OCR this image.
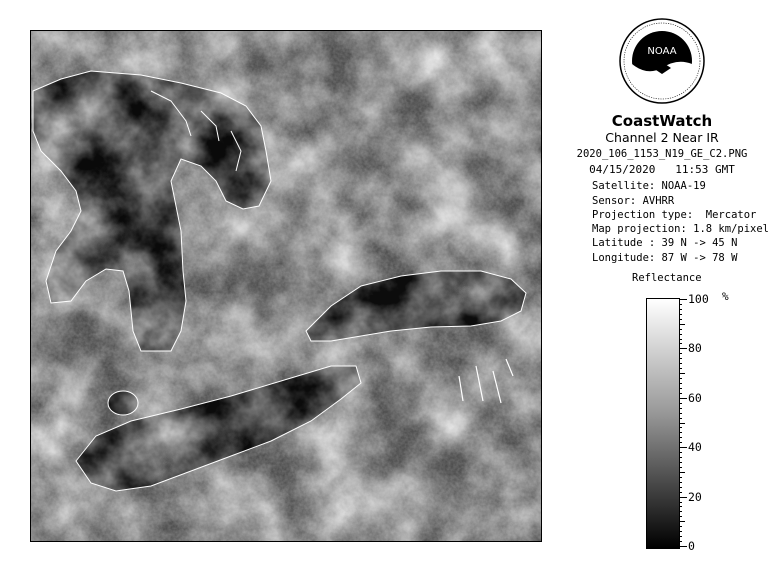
NOAA
CoastWatch
Channel 2 Near IR
2020_106_1153_N19_GE_C2.PNG
04/15/2020   11:53 GMT
Satellite: NOAA-19
Sensor: AVHRR
Projection type:  Mercator
Map projection: 1.8 km/pixel
Latitude : 39 N -> 45 N
Longitude: 87 W -> 78 W
Reflectance
%
100
80
60
40
20
0
